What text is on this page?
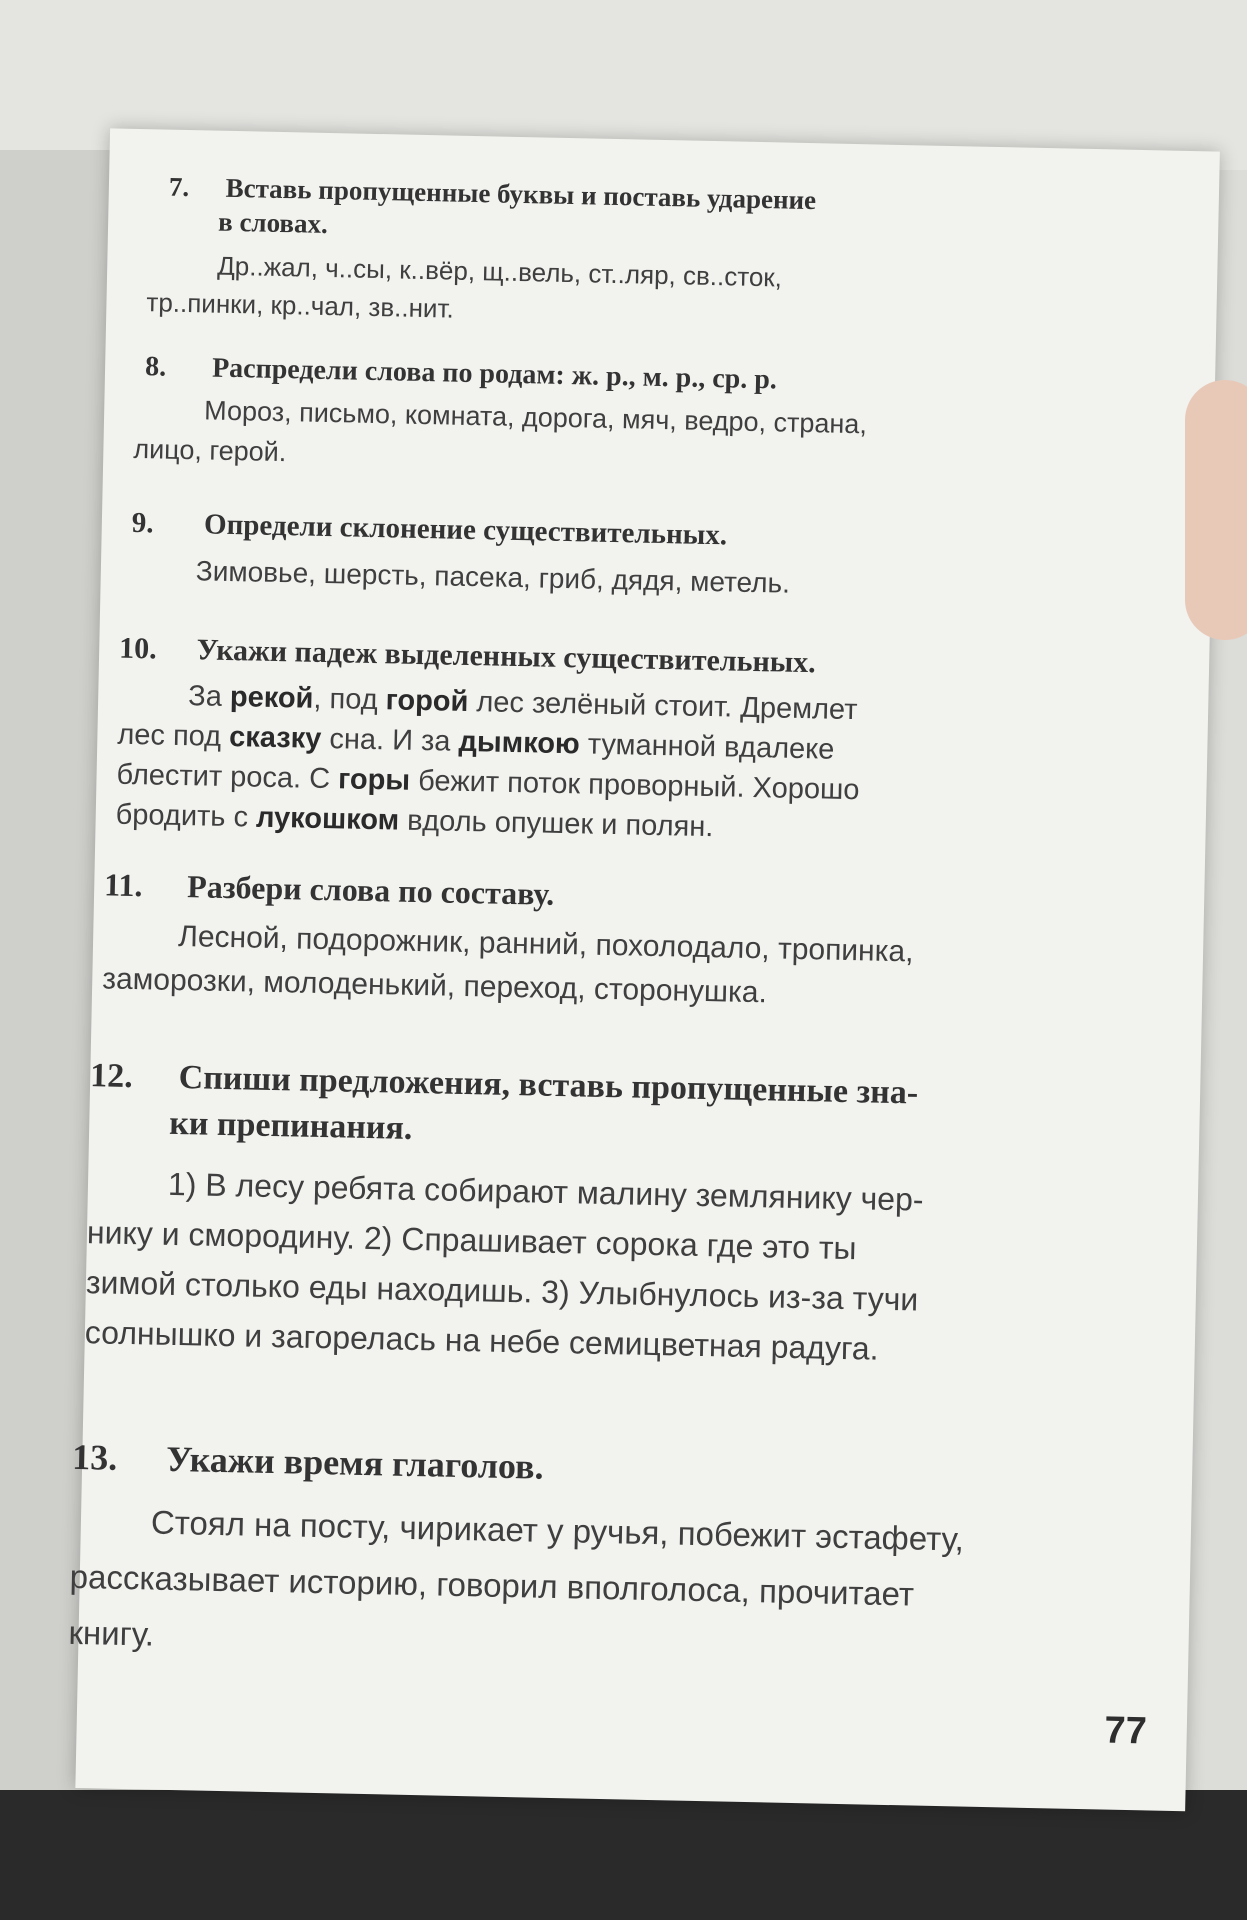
7. Вставь пропущенные буквы и поставь ударение
в словах.
Др..жал, ч..сы, к..вёр, щ..вель, ст..ляр, св..сток,
тр..пинки, кр..чал, зв..нит.
8. Распредели слова по родам: ж. р., м. р., ср. р.
Мороз, письмо, комната, дорога, мяч, ведро, страна,
лицо, герой.
9. Определи склонение существительных.
Зимовье, шерсть, пасека, гриб, дядя, метель.
10. Укажи падеж выделенных существительных.
За рекой, под горой лес зелёный стоит. Дремлет
лес под сказку сна. И за дымкою туманной вдалеке
блестит роса. С горы бежит поток проворный. Хорошо
бродить с лукошком вдоль опушек и полян.
11. Разбери слова по составу.
Лесной, подорожник, ранний, похолодало, тропинка,
заморозки, молоденький, переход, сторонушка.
12. Спиши предложения, вставь пропущенные зна-
ки препинания.
1) В лесу ребята собирают малину землянику чер-
нику и смородину. 2) Спрашивает сорока где это ты
зимой столько еды находишь. 3) Улыбнулось из-за тучи
солнышко и загорелась на небе семицветная радуга.
13. Укажи время глаголов.
Стоял на посту, чирикает у ручья, побежит эстафету,
рассказывает историю, говорил вполголоса, прочитает
книгу.
77
